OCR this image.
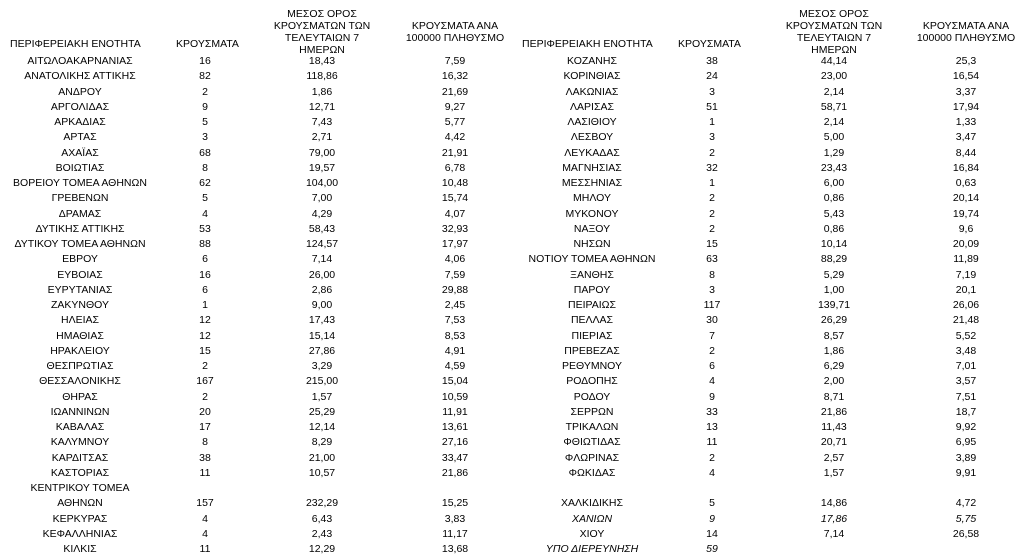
ΠΕΡΙΦΕΡΕΙΑΚΗ ΕΝΟΤΗΤΑ	ΚΡΟΥΣΜΑΤΑ
ΜΕΣΟΣ ΟΡΟΣ
ΚΡΟΥΣΜΑΤΩΝ ΤΩΝ
ΤΕΛΕΥΤΑΙΩΝ 7 ΗΜΕΡΩΝ
ΚΡΟΥΣΜΑΤΑ ΑΝΑ
100000 ΠΛΗΘΥΣΜΟ
ΑΙΤΩΛΟΑΚΑΡΝΑΝΙΑΣ	16	18,43	7,59
ΑΝΑΤΟΛΙΚΗΣ ΑΤΤΙΚΗΣ	82	118,86	16,32
ΑΝΔΡΟΥ	2	1,86	21,69
ΑΡΓΟΛΙΔΑΣ	9	12,71	9,27
ΑΡΚΑΔΙΑΣ	5	7,43	5,77
ΑΡΤΑΣ	3	2,71	4,42
ΑΧΑΪΑΣ	68	79,00	21,91
ΒΟΙΩΤΙΑΣ	8	19,57	6,78
ΒΟΡΕΙΟΥ ΤΟΜΕΑ ΑΘΗΝΩΝ	62	104,00	10,48
ΓΡΕΒΕΝΩΝ	5	7,00	15,74
ΔΡΑΜΑΣ	4	4,29	4,07
ΔΥΤΙΚΗΣ ΑΤΤΙΚΗΣ	53	58,43	32,93
ΔΥΤΙΚΟΥ ΤΟΜΕΑ ΑΘΗΝΩΝ	88	124,57	17,97
ΕΒΡΟΥ	6	7,14	4,06
ΕΥΒΟΙΑΣ	16	26,00	7,59
ΕΥΡΥΤΑΝΙΑΣ	6	2,86	29,88
ΖΑΚΥΝΘΟΥ	1	9,00	2,45
ΗΛΕΙΑΣ	12	17,43	7,53
ΗΜΑΘΙΑΣ	12	15,14	8,53
ΗΡΑΚΛΕΙΟΥ	15	27,86	4,91
ΘΕΣΠΡΩΤΙΑΣ	2	3,29	4,59
ΘΕΣΣΑΛΟΝΙΚΗΣ	167	215,00	15,04
ΘΗΡΑΣ	2	1,57	10,59
ΙΩΑΝΝΙΝΩΝ	20	25,29	11,91
ΚΑΒΑΛΑΣ	17	12,14	13,61
ΚΑΛΥΜΝΟΥ	8	8,29	27,16
ΚΑΡΔΙΤΣΑΣ	38	21,00	33,47
ΚΑΣΤΟΡΙΑΣ	11	10,57	21,86
ΚΕΝΤΡΙΚΟΥ ΤΟΜΕΑ
ΑΘΗΝΩΝ	157	232,29	15,25
ΚΕΡΚΥΡΑΣ	4	6,43	3,83
ΚΕΦΑΛΛΗΝΙΑΣ	4	2,43	11,17
ΚΙΛΚΙΣ	11	12,29	13,68
ΠΕΡΙΦΕΡΕΙΑΚΗ ΕΝΟΤΗΤΑ	ΚΡΟΥΣΜΑΤΑ
ΜΕΣΟΣ ΟΡΟΣ
ΚΡΟΥΣΜΑΤΩΝ ΤΩΝ
ΤΕΛΕΥΤΑΙΩΝ 7 ΗΜΕΡΩΝ
ΚΡΟΥΣΜΑΤΑ ΑΝΑ
100000 ΠΛΗΘΥΣΜΟ
ΚΟΖΑΝΗΣ	38	44,14	25,3
ΚΟΡΙΝΘΙΑΣ	24	23,00	16,54
ΛΑΚΩΝΙΑΣ	3	2,14	3,37
ΛΑΡΙΣΑΣ	51	58,71	17,94
ΛΑΣΙΘΙΟΥ	1	2,14	1,33
ΛΕΣΒΟΥ	3	5,00	3,47
ΛΕΥΚΑΔΑΣ	2	1,29	8,44
ΜΑΓΝΗΣΙΑΣ	32	23,43	16,84
ΜΕΣΣΗΝΙΑΣ	1	6,00	0,63
ΜΗΛΟΥ	2	0,86	20,14
ΜΥΚΟΝΟΥ	2	5,43	19,74
ΝΑΞΟΥ	2	0,86	9,6
ΝΗΣΩΝ	15	10,14	20,09
ΝΟΤΙΟΥ ΤΟΜΕΑ ΑΘΗΝΩΝ	63	88,29	11,89
ΞΑΝΘΗΣ	8	5,29	7,19
ΠΑΡΟΥ	3	1,00	20,1
ΠΕΙΡΑΙΩΣ	117	139,71	26,06
ΠΕΛΛΑΣ	30	26,29	21,48
ΠΙΕΡΙΑΣ	7	8,57	5,52
ΠΡΕΒΕΖΑΣ	2	1,86	3,48
ΡΕΘΥΜΝΟΥ	6	6,29	7,01
ΡΟΔΟΠΗΣ	4	2,00	3,57
ΡΟΔΟΥ	9	8,71	7,51
ΣΕΡΡΩΝ	33	21,86	18,7
ΤΡΙΚΑΛΩΝ	13	11,43	9,92
ΦΘΙΩΤΙΔΑΣ	11	20,71	6,95
ΦΛΩΡΙΝΑΣ	2	2,57	3,89
ΦΩΚΙΔΑΣ	4	1,57	9,91
ΧΑΛΚΙΔΙΚΗΣ	5	14,86	4,72
ΧΑΝΙΩΝ	9	17,86	5,75
ΧΙΟΥ	14	7,14	26,58
ΥΠΟ ΔΙΕΡΕΥΝΗΣΗ	59
